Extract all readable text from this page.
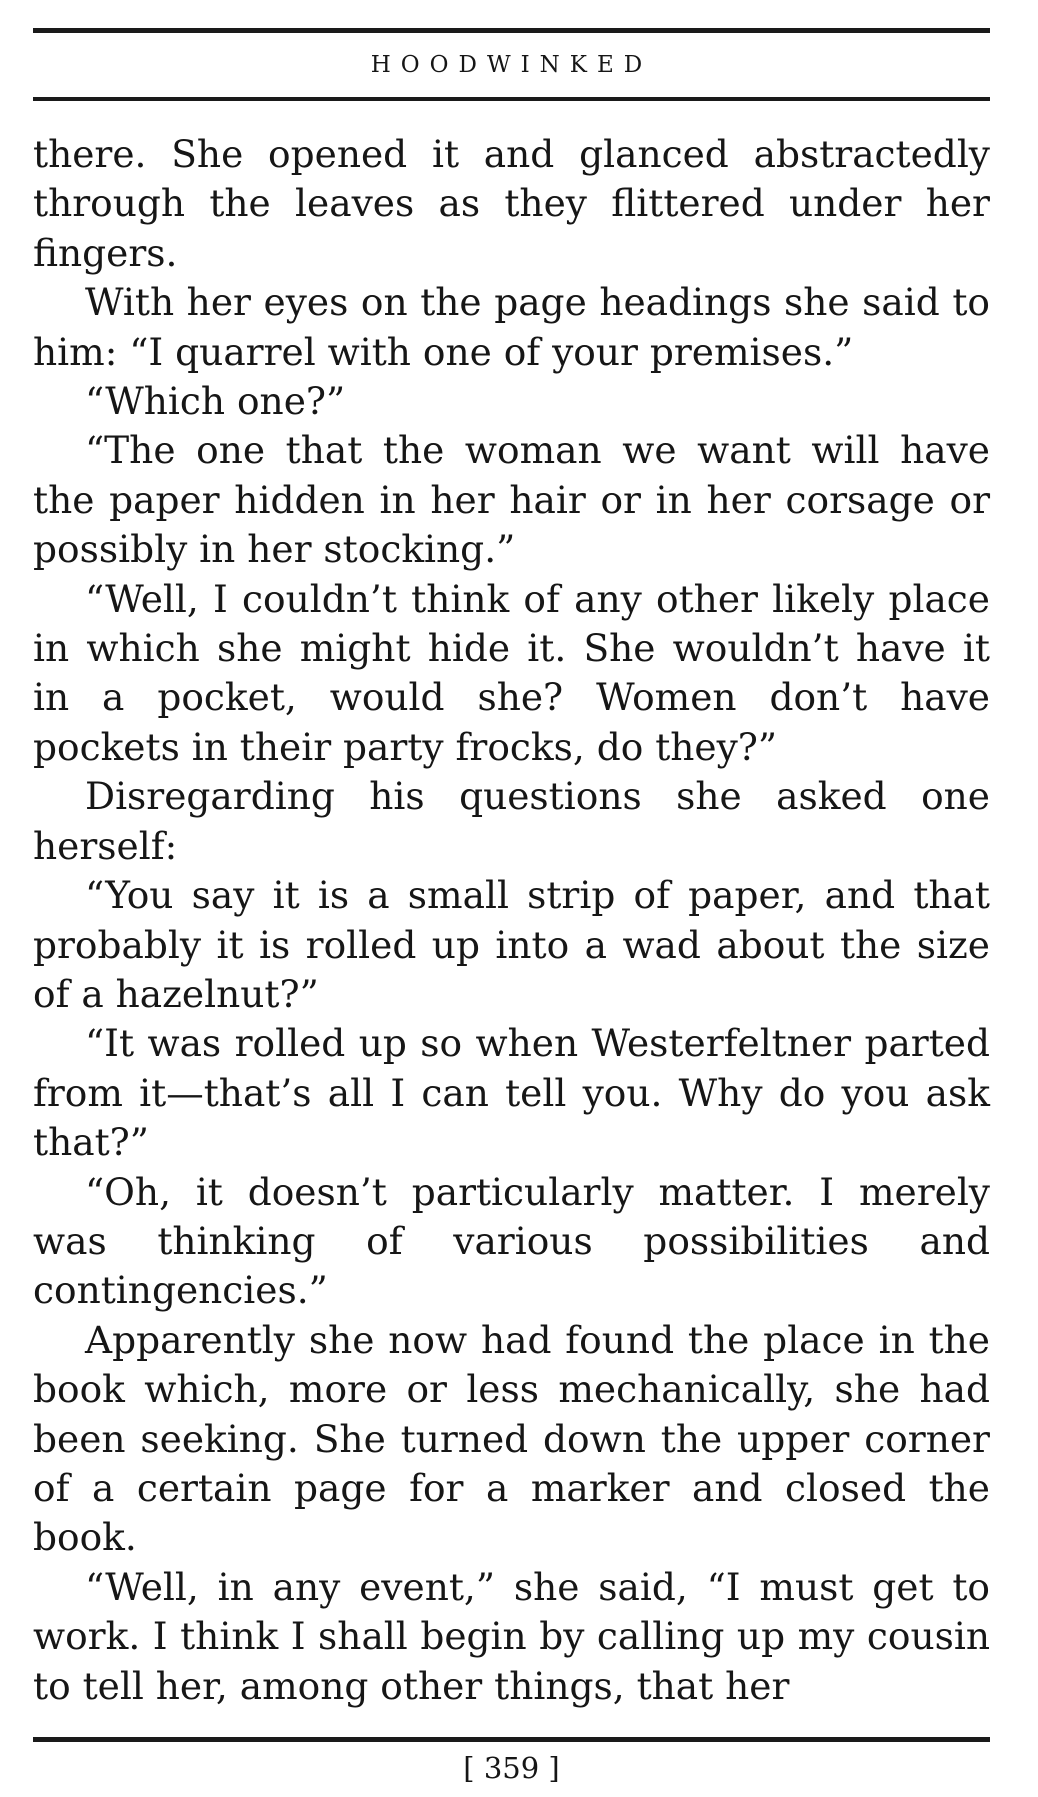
HOODWINKED

there. She opened it and glanced abstractedly through the leaves as they flittered under her fingers.

With her eyes on the page headings she said to him: “I quarrel with one of your premises.”

“Which one?”

“The one that the woman we want will have the paper hidden in her hair or in her corsage or possibly in her stocking.”

“Well, I couldn’t think of any other likely place in which she might hide it. She wouldn’t have it in a pocket, would she? Women don’t have pockets in their party frocks, do they?”

Disregarding his questions she asked one herself:

“You say it is a small strip of paper, and that probably it is rolled up into a wad about the size of a hazelnut?”

“It was rolled up so when Westerfeltner parted from it—that’s all I can tell you. Why do you ask that?”

“Oh, it doesn’t particularly matter. I merely was thinking of various possibilities and contingencies.”

Apparently she now had found the place in the book which, more or less mechanically, she had been seeking. She turned down the upper corner of a certain page for a marker and closed the book.

“Well, in any event,” she said, “I must get to work. I think I shall begin by calling up my cousin to tell her, among other things, that her

[ 359 ]
